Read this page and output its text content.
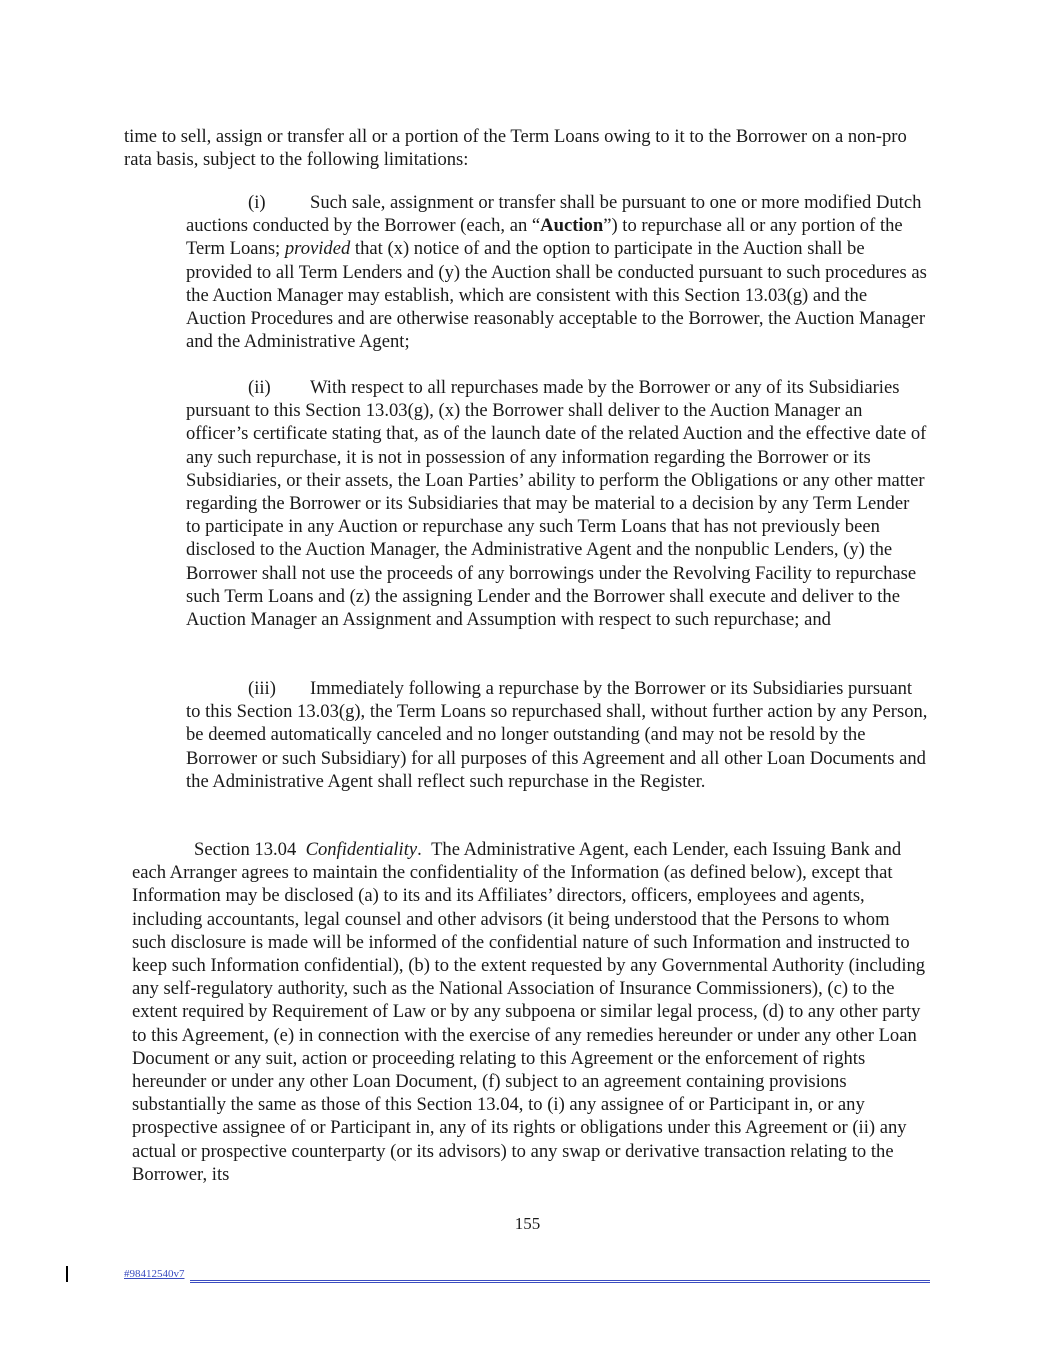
time to sell, assign or transfer all or a portion of the Term Loans owing to it to the Borrower on a non-pro rata basis, subject to the following limitations:

(i) Such sale, assignment or transfer shall be pursuant to one or more modified Dutch auctions conducted by the Borrower (each, an “Auction”) to repurchase all or any portion of the Term Loans; provided that (x) notice of and the option to participate in the Auction shall be provided to all Term Lenders and (y) the Auction shall be conducted pursuant to such procedures as the Auction Manager may establish, which are consistent with this Section 13.03(g) and the Auction Procedures and are otherwise reasonably acceptable to the Borrower, the Auction Manager and the Administrative Agent;

(ii) With respect to all repurchases made by the Borrower or any of its Subsidiaries pursuant to this Section 13.03(g), (x) the Borrower shall deliver to the Auction Manager an officer’s certificate stating that, as of the launch date of the related Auction and the effective date of any such repurchase, it is not in possession of any information regarding the Borrower or its Subsidiaries, or their assets, the Loan Parties’ ability to perform the Obligations or any other matter regarding the Borrower or its Subsidiaries that may be material to a decision by any Term Lender to participate in any Auction or repurchase any such Term Loans that has not previously been disclosed to the Auction Manager, the Administrative Agent and the nonpublic Lenders, (y) the Borrower shall not use the proceeds of any borrowings under the Revolving Facility to repurchase such Term Loans and (z) the assigning Lender and the Borrower shall execute and deliver to the Auction Manager an Assignment and Assumption with respect to such repurchase; and

(iii) Immediately following a repurchase by the Borrower or its Subsidiaries pursuant to this Section 13.03(g), the Term Loans so repurchased shall, without further action by any Person, be deemed automatically canceled and no longer outstanding (and may not be resold by the Borrower or such Subsidiary) for all purposes of this Agreement and all other Loan Documents and the Administrative Agent shall reflect such repurchase in the Register.

Section 13.04 Confidentiality.  The Administrative Agent, each Lender, each Issuing Bank and each Arranger agrees to maintain the confidentiality of the Information (as defined below), except that Information may be disclosed (a) to its and its Affiliates’ directors, officers, employees and agents, including accountants, legal counsel and other advisors (it being understood that the Persons to whom such disclosure is made will be informed of the confidential nature of such Information and instructed to keep such Information confidential), (b) to the extent requested by any Governmental Authority (including any self-regulatory authority, such as the National Association of Insurance Commissioners), (c) to the extent required by Requirement of Law or by any subpoena or similar legal process, (d) to any other party to this Agreement, (e) in connection with the exercise of any remedies hereunder or under any other Loan Document or any suit, action or proceeding relating to this Agreement or the enforcement of rights hereunder or under any other Loan Document, (f) subject to an agreement containing provisions substantially the same as those of this Section 13.04, to (i) any assignee of or Participant in, or any prospective assignee of or Participant in, any of its rights or obligations under this Agreement or (ii) any actual or prospective counterparty (or its advisors) to any swap or derivative transaction relating to the Borrower, its

155
#98412540v7
